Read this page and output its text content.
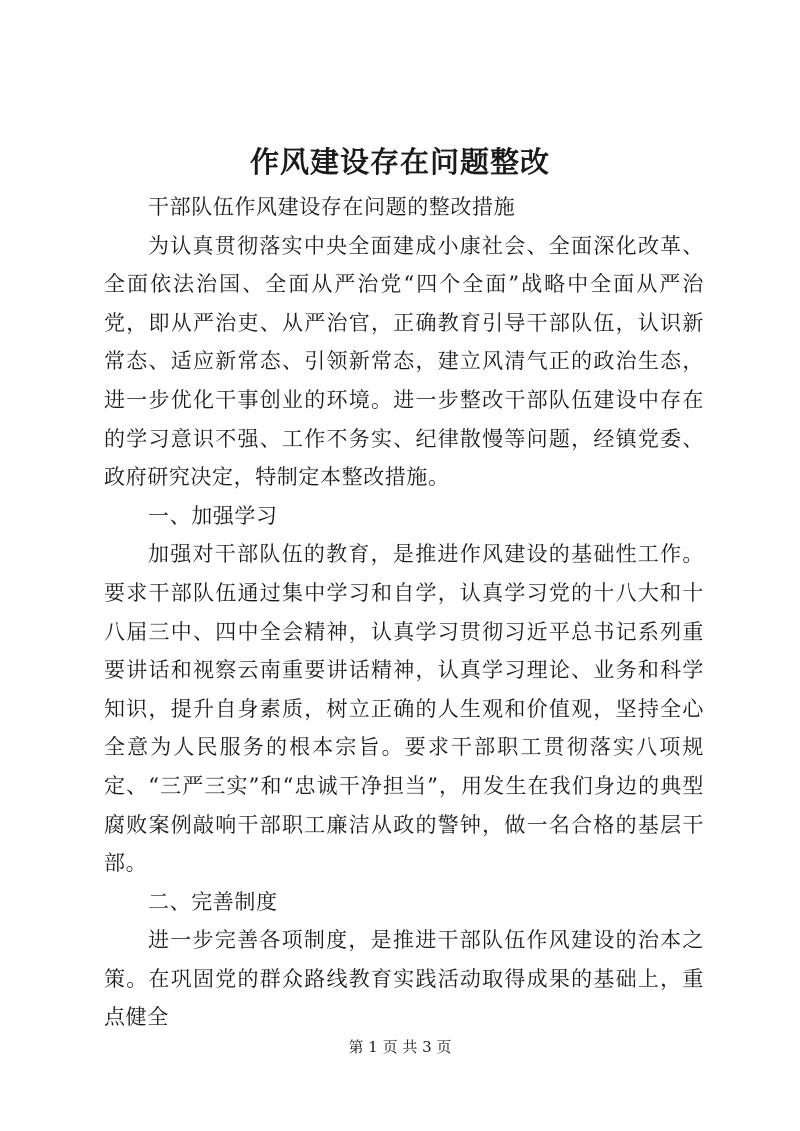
作风建设存在问题整改

干部队伍作风建设存在问题的整改措施

为认真贯彻落实中央全面建成小康社会、全面深化改革、全面依法治国、全面从严治党“四个全面”战略中全面从严治党，即从严治吏、从严治官，正确教育引导干部队伍，认识新常态、适应新常态、引领新常态，建立风清气正的政治生态，进一步优化干事创业的环境。进一步整改干部队伍建设中存在的学习意识不强、工作不务实、纪律散慢等问题，经镇党委、政府研究决定，特制定本整改措施。

一、加强学习

加强对干部队伍的教育，是推进作风建设的基础性工作。要求干部队伍通过集中学习和自学，认真学习党的十八大和十八届三中、四中全会精神，认真学习贯彻习近平总书记系列重要讲话和视察云南重要讲话精神，认真学习理论、业务和科学知识，提升自身素质，树立正确的人生观和价值观，坚持全心全意为人民服务的根本宗旨。要求干部职工贯彻落实八项规定、“三严三实”和“忠诚干净担当”，用发生在我们身边的典型腐败案例敲响干部职工廉洁从政的警钟，做一名合格的基层干部。

二、完善制度

进一步完善各项制度，是推进干部队伍作风建设的治本之策。在巩固党的群众路线教育实践活动取得成果的基础上，重点健全

第 1 页 共 3 页
